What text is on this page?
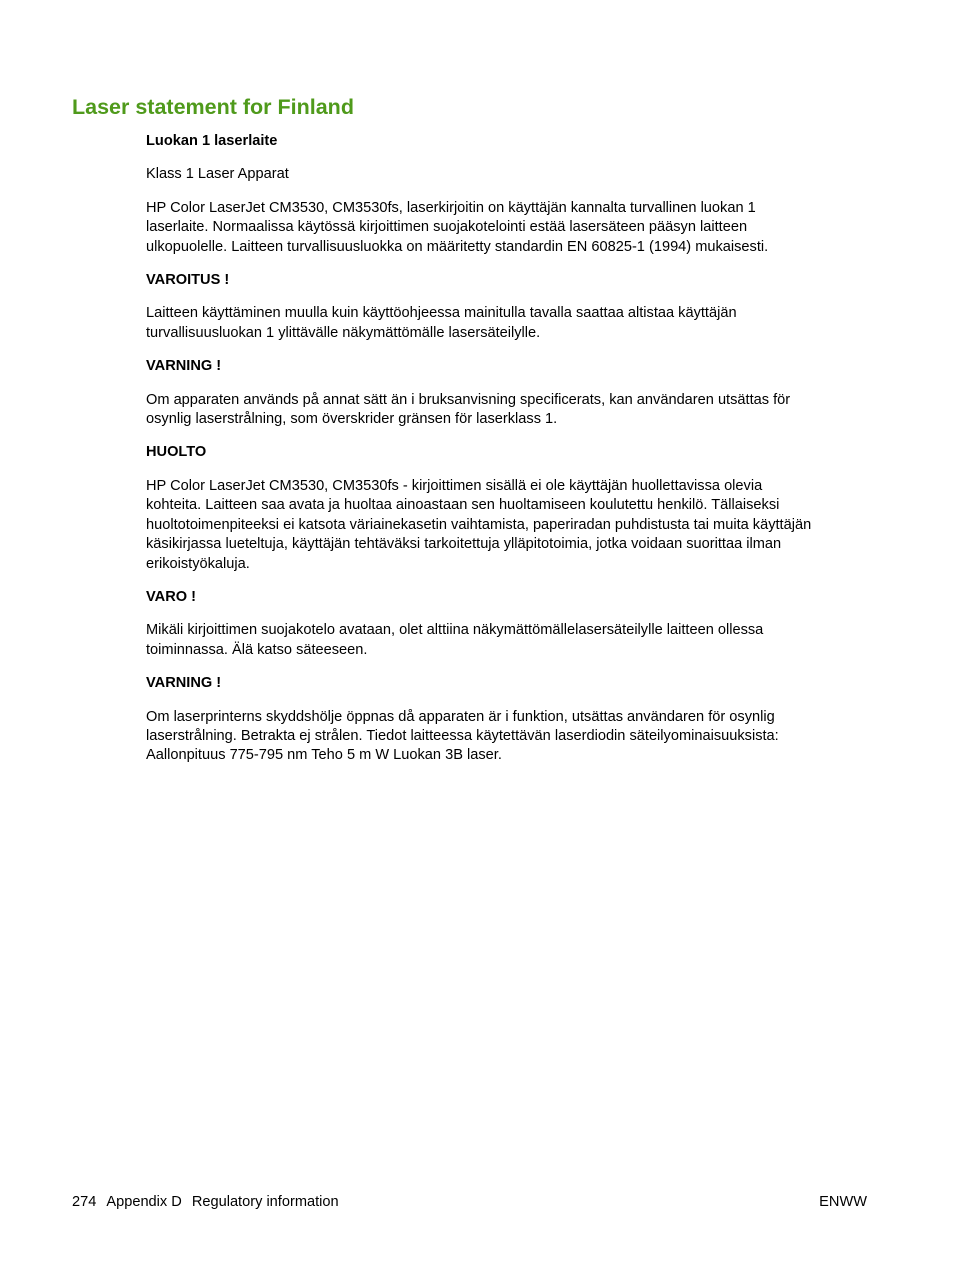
Laser statement for Finland

Luokan 1 laserlaite

Klass 1 Laser Apparat

HP Color LaserJet CM3530, CM3530fs, laserkirjoitin on käyttäjän kannalta turvallinen luokan 1
laserlaite. Normaalissa käytössä kirjoittimen suojakotelointi estää lasersäteen pääsyn laitteen
ulkopuolelle. Laitteen turvallisuusluokka on määritetty standardin EN 60825-1 (1994) mukaisesti.

VAROITUS !

Laitteen käyttäminen muulla kuin käyttöohjeessa mainitulla tavalla saattaa altistaa käyttäjän
turvallisuusluokan 1 ylittävälle näkymättömälle lasersäteilylle.

VARNING !

Om apparaten används på annat sätt än i bruksanvisning specificerats, kan användaren utsättas för
osynlig laserstrålning, som överskrider gränsen för laserklass 1.

HUOLTO

HP Color LaserJet CM3530, CM3530fs - kirjoittimen sisällä ei ole käyttäjän huollettavissa olevia
kohteita. Laitteen saa avata ja huoltaa ainoastaan sen huoltamiseen koulutettu henkilö. Tällaiseksi
huoltotoimenpiteeksi ei katsota väriainekasetin vaihtamista, paperiradan puhdistusta tai muita käyttäjän
käsikirjassa lueteltuja, käyttäjän tehtäväksi tarkoitettuja ylläpitotoimia, jotka voidaan suorittaa ilman
erikoistyökaluja.

VARO !

Mikäli kirjoittimen suojakotelo avataan, olet alttiina näkymättömällelasersäteilylle laitteen ollessa
toiminnassa. Älä katso säteeseen.

VARNING !

Om laserprinterns skyddshölje öppnas då apparaten är i funktion, utsättas användaren för osynlig
laserstrålning. Betrakta ej strålen. Tiedot laitteessa käytettävän laserdiodin säteilyominaisuuksista:
Aallonpituus 775-795 nm Teho 5 m W Luokan 3B laser.

274 Appendix D Regulatory information	ENWW
